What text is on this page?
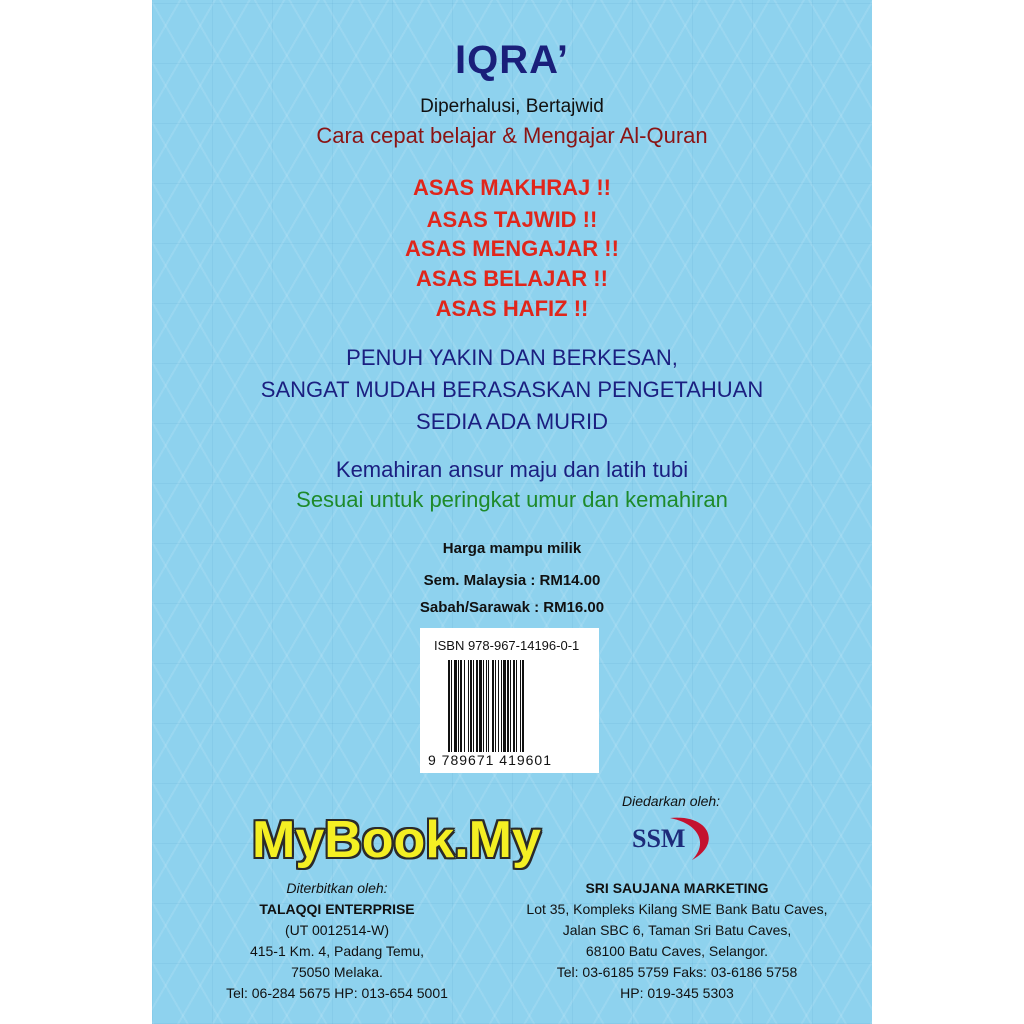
IQRA’
Diperhalusi, Bertajwid
Cara cepat belajar & Mengajar Al-Quran
ASAS MAKHRAJ !!
ASAS TAJWID !!
ASAS MENGAJAR !!
ASAS BELAJAR !!
ASAS HAFIZ !!
PENUH YAKIN DAN BERKESAN,
SANGAT MUDAH BERASASKAN PENGETAHUAN
SEDIA ADA MURID
Kemahiran ansur maju dan latih tubi
Sesuai untuk peringkat umur dan kemahiran
Harga mampu milik
Sem. Malaysia : RM14.00
Sabah/Sarawak : RM16.00
ISBN 978-967-14196-0-1
9 789671 419601
MyBook.My
Diedarkan oleh:
SSM
Diterbitkan oleh:
TALAQQI ENTERPRISE
(UT 0012514-W)
415-1 Km. 4, Padang Temu,
75050 Melaka.
Tel: 06-284 5675 HP: 013-654 5001
SRI SAUJANA MARKETING
Lot 35, Kompleks Kilang SME Bank Batu Caves,
Jalan SBC 6, Taman Sri Batu Caves,
68100 Batu Caves, Selangor.
Tel: 03-6185 5759 Faks: 03-6186 5758
HP: 019-345 5303
